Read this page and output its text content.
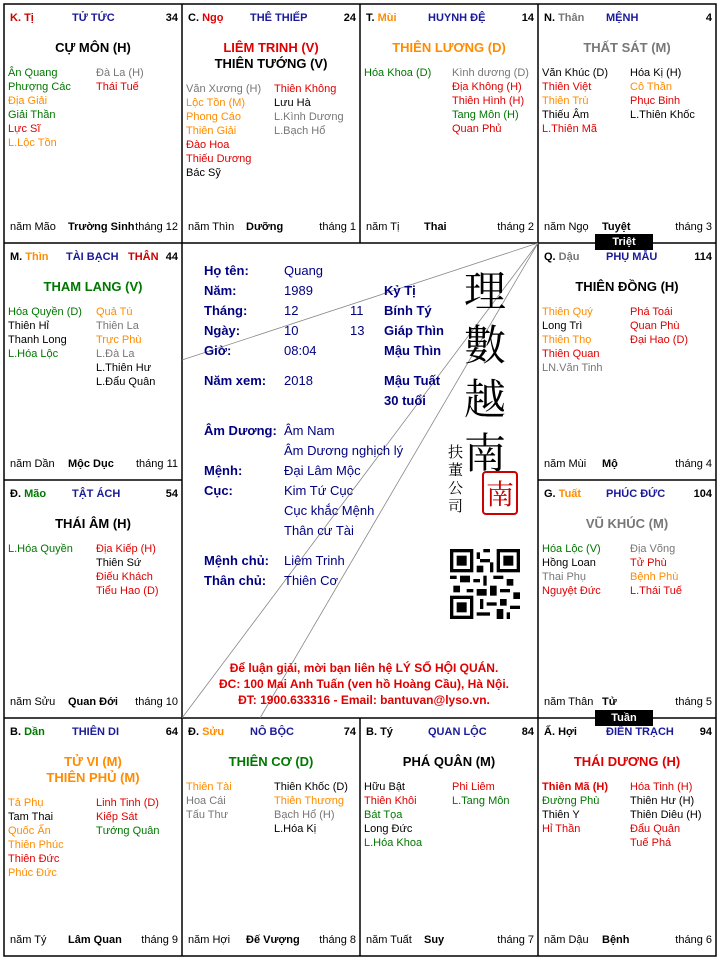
K. Tị	TỬ TỨC	34
CỰ MÔN (H)
Ân Quang
Phượng Các
Địa Giải
Giải Thần
Lực Sĩ
L.Lộc Tồn
Đà La (H)
Thái Tuế
năm Mão Trường Sinh tháng 12
C. Ngọ THÊ THIẾP	24
LIÊM TRINH (V)
THIÊN TƯỚNG (V)
Văn Xương (H)
Lộc Tồn (M)
Phong Cáo
Thiên Giải
Đào Hoa
Thiếu Dương
Bác Sỹ
Thiên Không
Lưu Hà
L.Kình Dương
L.Bạch Hổ
năm Thìn Dưỡng	tháng 1
T. Mùi	HUYNH ĐỆ	14
THIÊN LƯƠNG (D)
Hóa Khoa (D) Kình dương (D)
Địa Không (H)
Thiên Hình (H)
Tang Môn (H)
Quan Phủ
năm Tị Thai	tháng 2
N. Thân MỆNH	4
THẤT SÁT (M)
Văn Khúc (D)
Thiên Việt
Thiên Trù
Thiếu Âm
L.Thiên Mã
Hóa Kị (H)
Cô Thần
Phục Binh
L.Thiên Khốc
năm Ngọ Tuyệt	tháng 3
M. Thìn TÀI BẠCH THÂN 44
THAM LANG (V)
Hóa Quyền (D)
Thiên Hỉ
Thanh Long
L.Hóa Lộc
Quả Tú
Thiên La
Trực Phù
L.Đà La
L.Thiên Hư
L.Đẩu Quân
năm Dần Mộc Dục tháng 11
Q. Dậu PHỤ MẪU	114
THIÊN ĐỒNG (H)
Thiên Quý
Long Trì
Thiên Thọ
Thiên Quan
LN.Văn Tinh
Phá Toái
Quan Phù
Đại Hao (D)
năm Mùi Mộ	tháng 4
Đ. Mão TẬT ÁCH	54
THÁI ÂM (H)
L.Hóa Quyền Địa Kiếp (H)
Thiên Sứ
Điếu Khách
Tiểu Hao (D)
năm Sửu Quan Đới tháng 10
G. Tuất PHÚC ĐỨC	104
VŨ KHÚC (M)
Hóa Lộc (V)
Hồng Loan
Thai Phụ
Nguyệt Đức
Địa Võng
Tử Phù
Bệnh Phù
L.Thái Tuế
năm Thân Tử	tháng 5
B. Dần THIÊN DI	64
TỬ VI (M)
THIÊN PHỦ (M)
Tả Phụ
Tam Thai
Quốc Ấn
Thiên Phúc
Thiên Đức
Phúc Đức
Linh Tinh (D)
Kiếp Sát
Tướng Quân
năm Tý Lâm Quan tháng 9
Đ. Sửu NÔ BỘC	74
THIÊN CƠ (D)
Thiên Tài
Hoa Cái
Tấu Thư
Thiên Khốc (D)
Thiên Thương
Bạch Hổ (H)
L.Hóa Kị
năm Hợi Đế Vượng tháng 8
B. Tý	QUAN LỘC	84
PHÁ QUÂN (M)
Hữu Bật
Thiên Khôi
Bát Tọa
Long Đức
L.Hóa Khoa
Phi Liêm
L.Tang Môn
năm Tuất Suy	tháng 7
Ấ. Hợi	ĐIỀN TRẠCH 94
THÁI DƯƠNG (H)
Thiên Mã (H)
Đường Phù
Thiên Y
Hỉ Thần
Hóa Tinh (H)
Thiên Hư (H)
Thiên Diêu (H)
Đẩu Quân
Tuế Phá
năm Dậu Bệnh	tháng 6
Triệt
Tuần
Họ tên:	Quang
Năm:	1989	Kỷ Tị
Tháng:	12	11 Bính Tý
Ngày:	10	13 Giáp Thìn
Giờ:	08:04	Mậu Thìn
Năm xem: 2018	Mậu Tuất
30 tuổi
Âm Dương: Âm Nam
Âm Dương nghịch lý
Mệnh:	Đại Lâm Mộc
Cục:	Kim Tứ Cục
Cục khắc Mệnh
Thân cư Tài
Mệnh chủ: Liêm Trinh
Thân chủ: Thiên Cơ
理數越南
扶董公司 南
Để luận giải, mời bạn liên hệ LÝ SỐ HỘI QUÁN.
ĐC: 100 Mai Anh Tuấn (ven hồ Hoàng Cầu), Hà Nội.
ĐT: 1900.633316 - Email: bantuvan@lyso.vn.
